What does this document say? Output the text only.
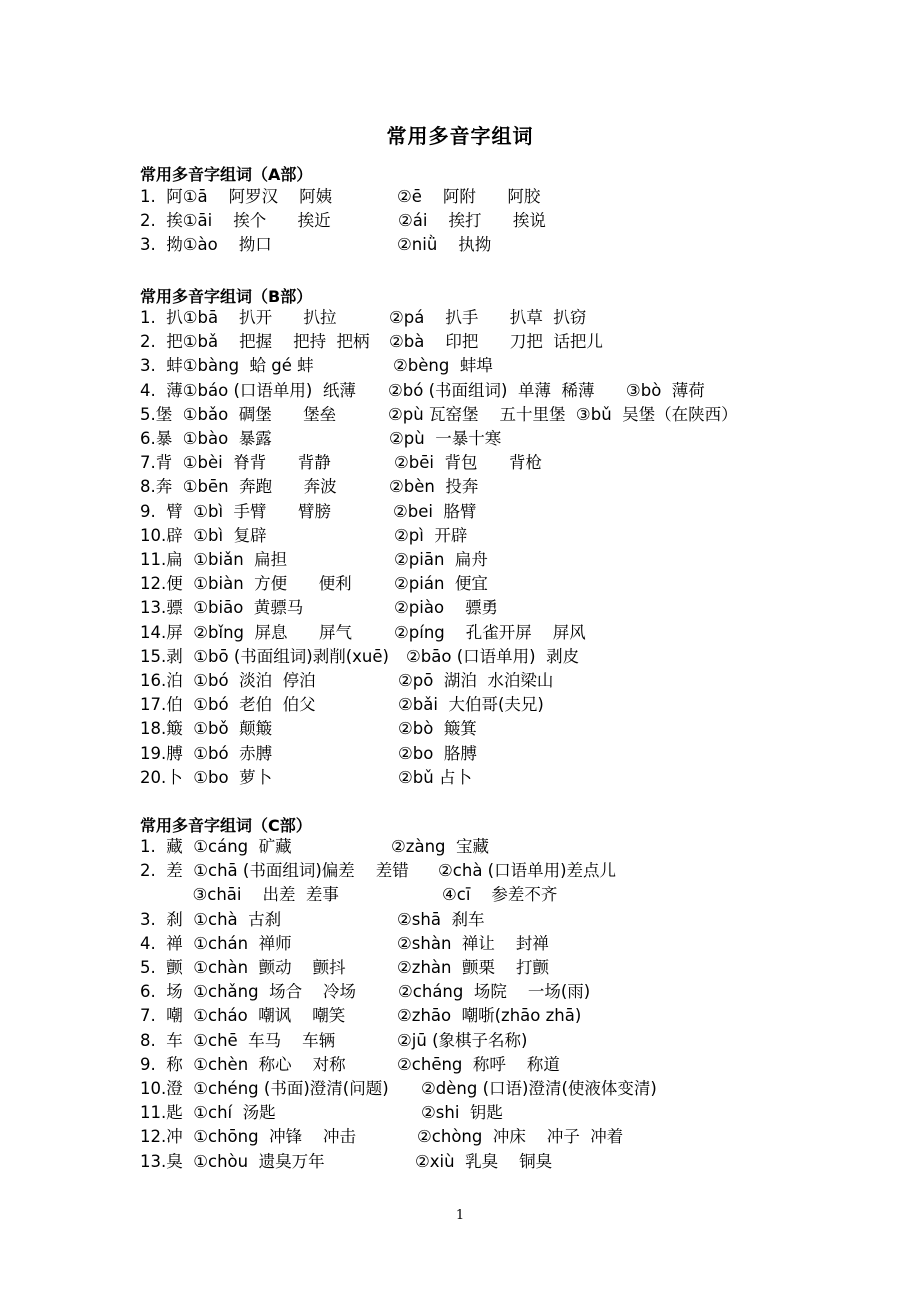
常用多音字组词
常用多音字组词（A部）
1.  阿①ā    阿罗汉    阿姨	②ē    阿附      阿胶
2.  挨①āi    挨个      挨近	②ái    挨打      挨说
3.  拗①ào    拗口	②niǜ    执拗
常用多音字组词（B部）
1.  扒①bā    扒开      扒拉	②pá    扒手      扒草  扒窃
2.  把①bǎ    把握    把持  把柄 ②bà    印把      刀把  话把儿
3.  蚌①bàng  蛤 gé 蚌	②bèng  蚌埠
4.  薄①báo (口语单用)  纸薄 ②bó (书面组词)  单薄  稀薄      ③bò  薄荷
5.堡  ①bǎo  碉堡      堡垒	②pù 瓦窑堡    五十里堡  ③bǔ  吴堡（在陕西）
6.暴  ①bào  暴露	②pù  一暴十寒
7.背  ①bèi  脊背      背静	②bēi  背包      背枪
8.奔  ①bēn  奔跑      奔波	②bèn  投奔
9.  臂  ①bì  手臂      臂膀	②bei  胳臂
10.辟  ①bì  复辟	②pì  开辟
11.扁  ①biǎn  扁担	②piān  扁舟
12.便  ①biàn  方便      便利	②pián  便宜
13.骠  ①biāo  黄骠马	②piào    骠勇
14.屏  ②bǐng  屏息      屏气	②píng    孔雀开屏    屏风
15.剥  ①bō (书面组词)剥削(xuē) ②bāo (口语单用)  剥皮
16.泊  ①bó  淡泊  停泊	②pō  湖泊  水泊梁山
17.伯  ①bó  老伯  伯父	②bǎi  大伯哥(夫兄)
18.簸  ①bǒ  颠簸	②bò  簸箕
19.膊  ①bó  赤膊	②bo  胳膊
20.卜  ①bo  萝卜	②bǔ 占卜
常用多音字组词（C部）
1.  藏  ①cáng  矿藏	②zàng  宝藏
2.  差  ①chā (书面组词)偏差    差错 ②chà (口语单用)差点儿
③chāi    出差  差事	④cī    参差不齐
3.  刹  ①chà  古刹	②shā  刹车
4.  禅  ①chán  禅师	②shàn  禅让    封禅
5.  颤  ①chàn  颤动    颤抖	②zhàn  颤栗    打颤
6.  场  ①chǎng  场合    冷场	②cháng  场院    一场(雨)
7.  嘲  ①cháo  嘲讽    嘲笑	②zhāo  嘲哳(zhāo zhā)
8.  车  ①chē  车马    车辆	②jū (象棋子名称)
9.  称  ①chèn  称心    对称	②chēng  称呼    称道
10.澄  ①chéng (书面)澄清(问题) ②dèng (口语)澄清(使液体变清)
11.匙  ①chí  汤匙	②shi  钥匙
12.冲  ①chōng  冲锋    冲击	②chòng  冲床    冲子  冲着
13.臭  ①chòu  遗臭万年	②xiù  乳臭    铜臭
1
